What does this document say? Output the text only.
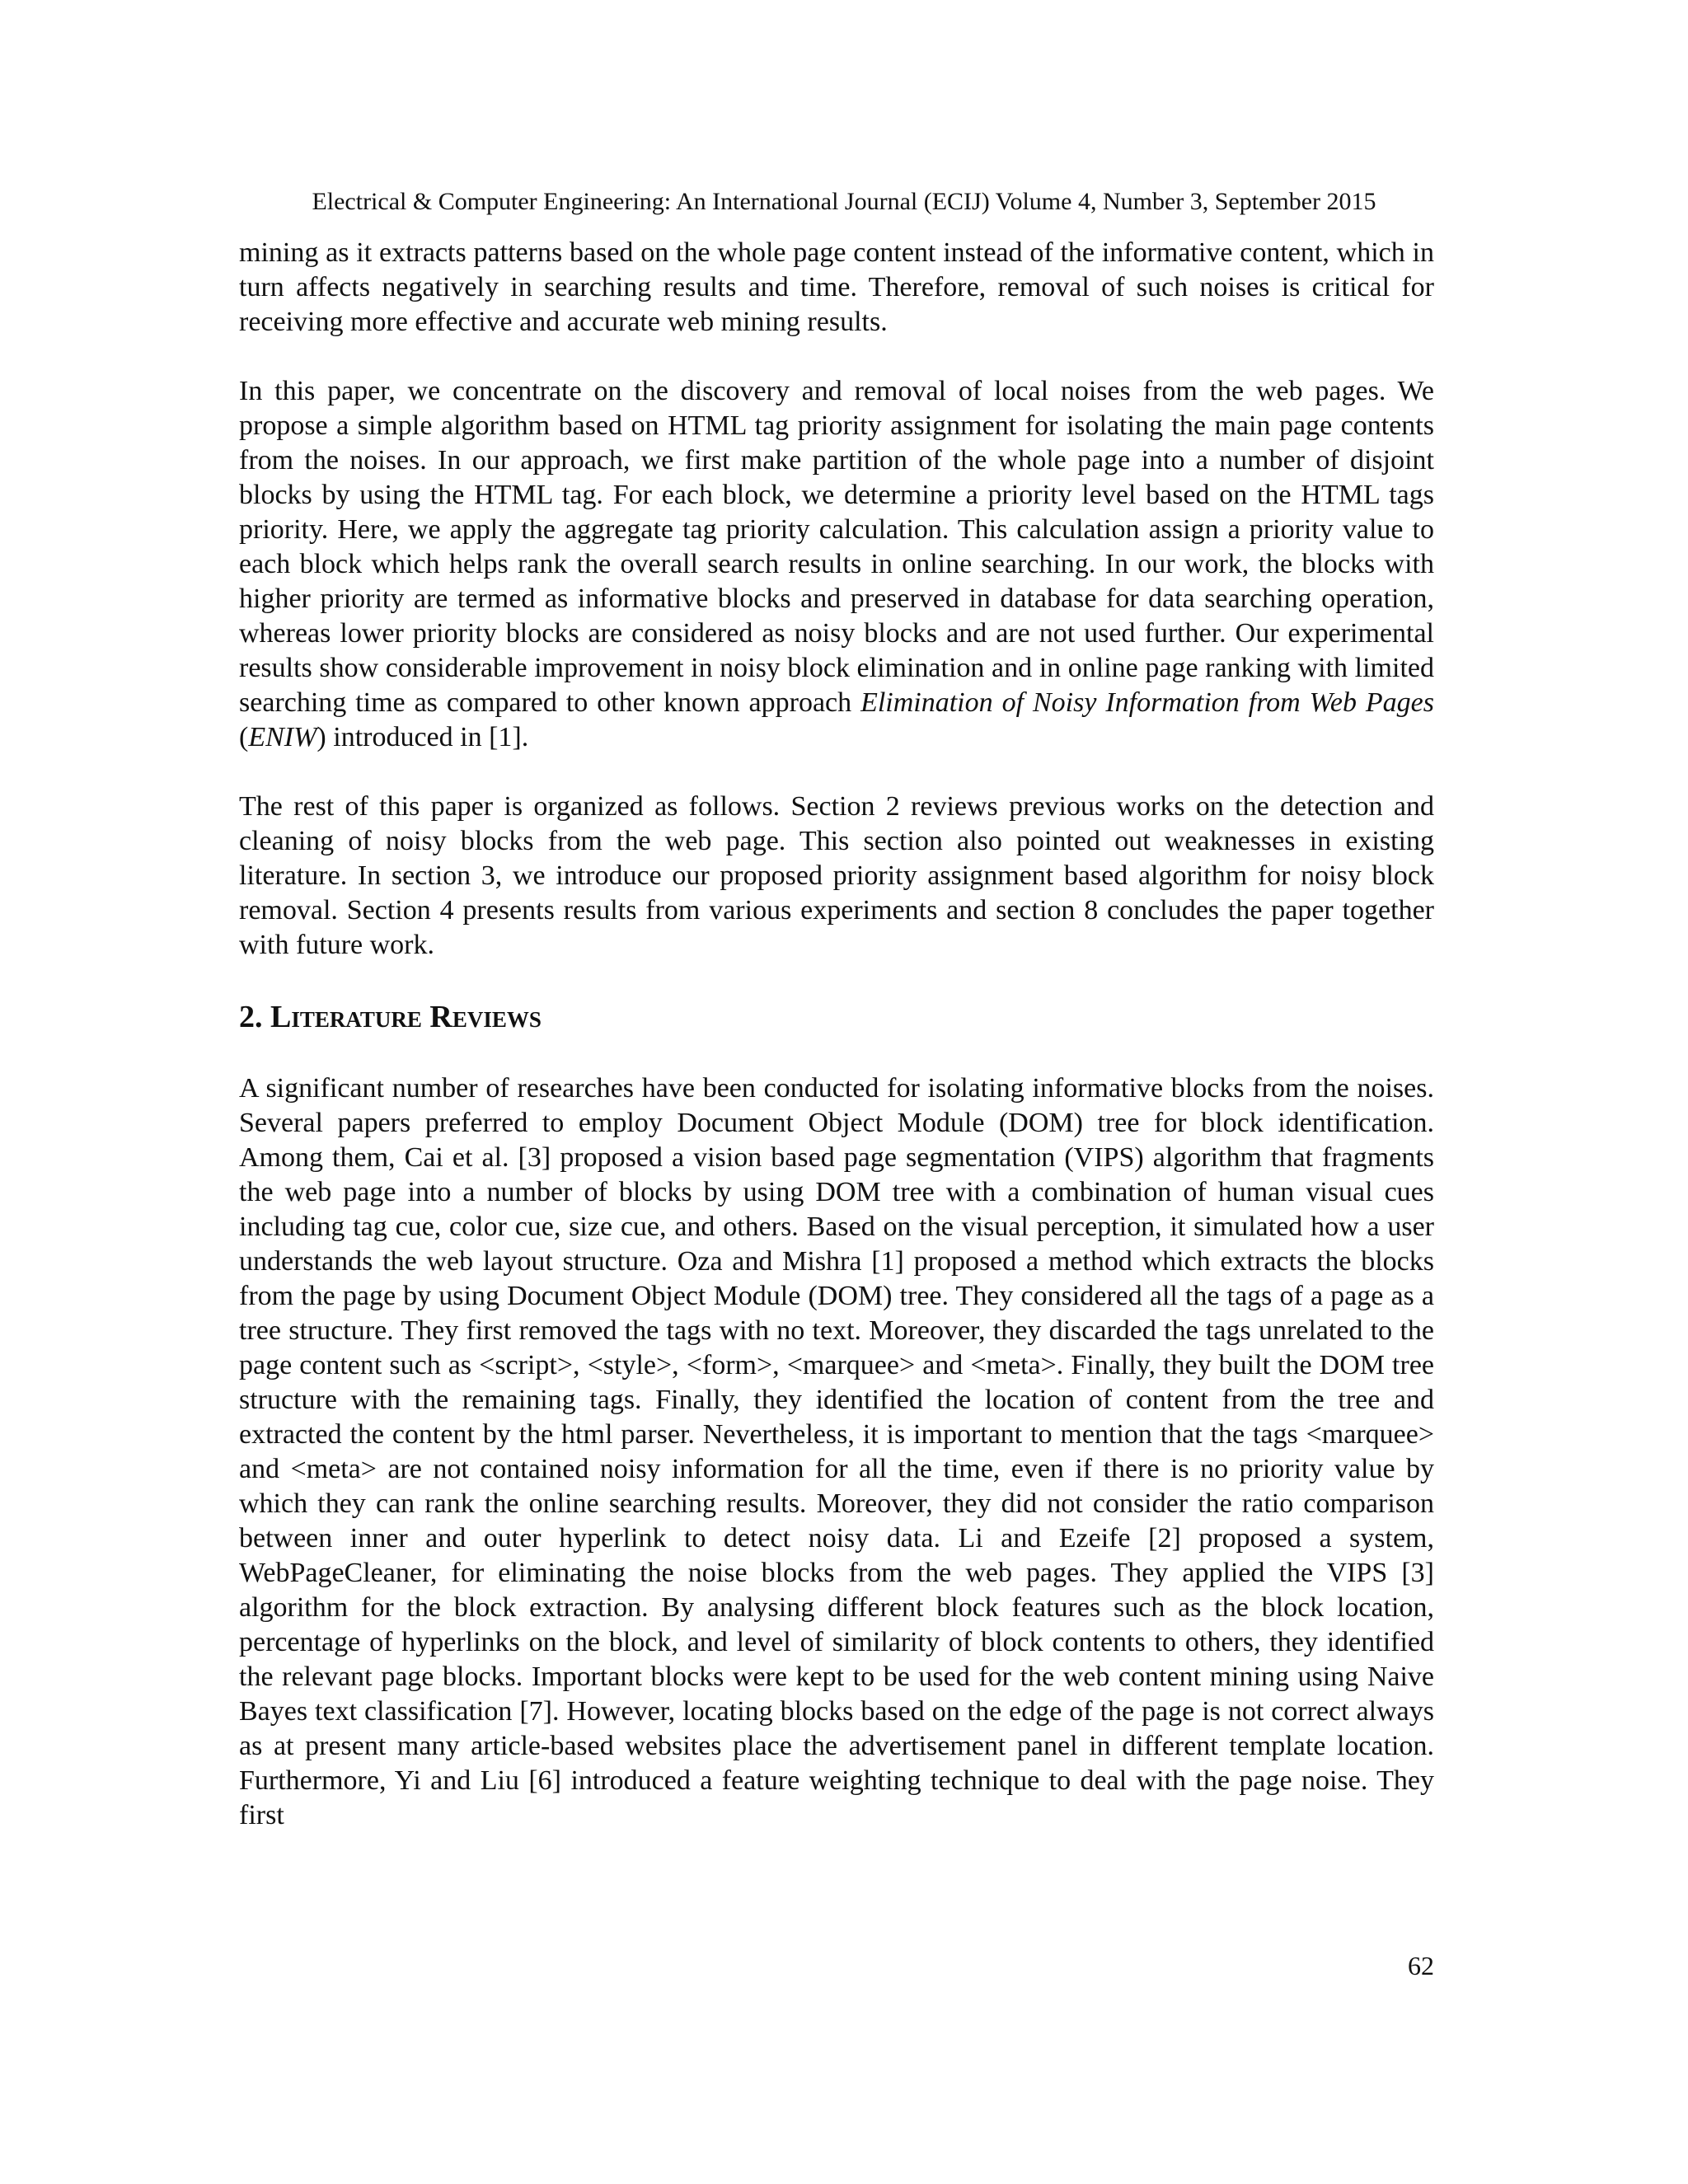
Electrical & Computer Engineering: An International Journal (ECIJ) Volume 4, Number 3, September 2015

mining as it extracts patterns based on the whole page content instead of the informative content, which in turn affects negatively in searching results and time. Therefore, removal of such noises is critical for receiving more effective and accurate web mining results.

In this paper, we concentrate on the discovery and removal of local noises from the web pages. We propose a simple algorithm based on HTML tag priority assignment for isolating the main page contents from the noises. In our approach, we first make partition of the whole page into a number of disjoint blocks by using the HTML tag. For each block, we determine a priority level based on the HTML tags priority. Here, we apply the aggregate tag priority calculation. This calculation assign a priority value to each block which helps rank the overall search results in online searching. In our work, the blocks with higher priority are termed as informative blocks and preserved in database for data searching operation, whereas lower priority blocks are considered as noisy blocks and are not used further. Our experimental results show considerable improvement in noisy block elimination and in online page ranking with limited searching time as compared to other known approach Elimination of Noisy Information from Web Pages (ENIW) introduced in [1].

The rest of this paper is organized as follows. Section 2 reviews previous works on the detection and cleaning of noisy blocks from the web page. This section also pointed out weaknesses in existing literature. In section 3, we introduce our proposed priority assignment based algorithm for noisy block removal. Section 4 presents results from various experiments and section 8 concludes the paper together with future work.

2. Literature Reviews

A significant number of researches have been conducted for isolating informative blocks from the noises. Several papers preferred to employ Document Object Module (DOM) tree for block identification. Among them, Cai et al. [3] proposed a vision based page segmentation (VIPS) algorithm that fragments the web page into a number of blocks by using DOM tree with a combination of human visual cues including tag cue, color cue, size cue, and others. Based on the visual perception, it simulated how a user understands the web layout structure. Oza and Mishra [1] proposed a method which extracts the blocks from the page by using Document Object Module (DOM) tree. They considered all the tags of a page as a tree structure. They first removed the tags with no text. Moreover, they discarded the tags unrelated to the page content such as <script>, <style>, <form>, <marquee> and <meta>. Finally, they built the DOM tree structure with the remaining tags. Finally, they identified the location of content from the tree and extracted the content by the html parser. Nevertheless, it is important to mention that the tags <marquee> and <meta> are not contained noisy information for all the time, even if there is no priority value by which they can rank the online searching results. Moreover, they did not consider the ratio comparison between inner and outer hyperlink to detect noisy data. Li and Ezeife [2] proposed a system, WebPageCleaner, for eliminating the noise blocks from the web pages. They applied the VIPS [3] algorithm for the block extraction. By analysing different block features such as the block location, percentage of hyperlinks on the block, and level of similarity of block contents to others, they identified the relevant page blocks. Important blocks were kept to be used for the web content mining using Naive Bayes text classification [7]. However, locating blocks based on the edge of the page is not correct always as at present many article-based websites place the advertisement panel in different template location. Furthermore, Yi and Liu [6] introduced a feature weighting technique to deal with the page noise. They first

62
